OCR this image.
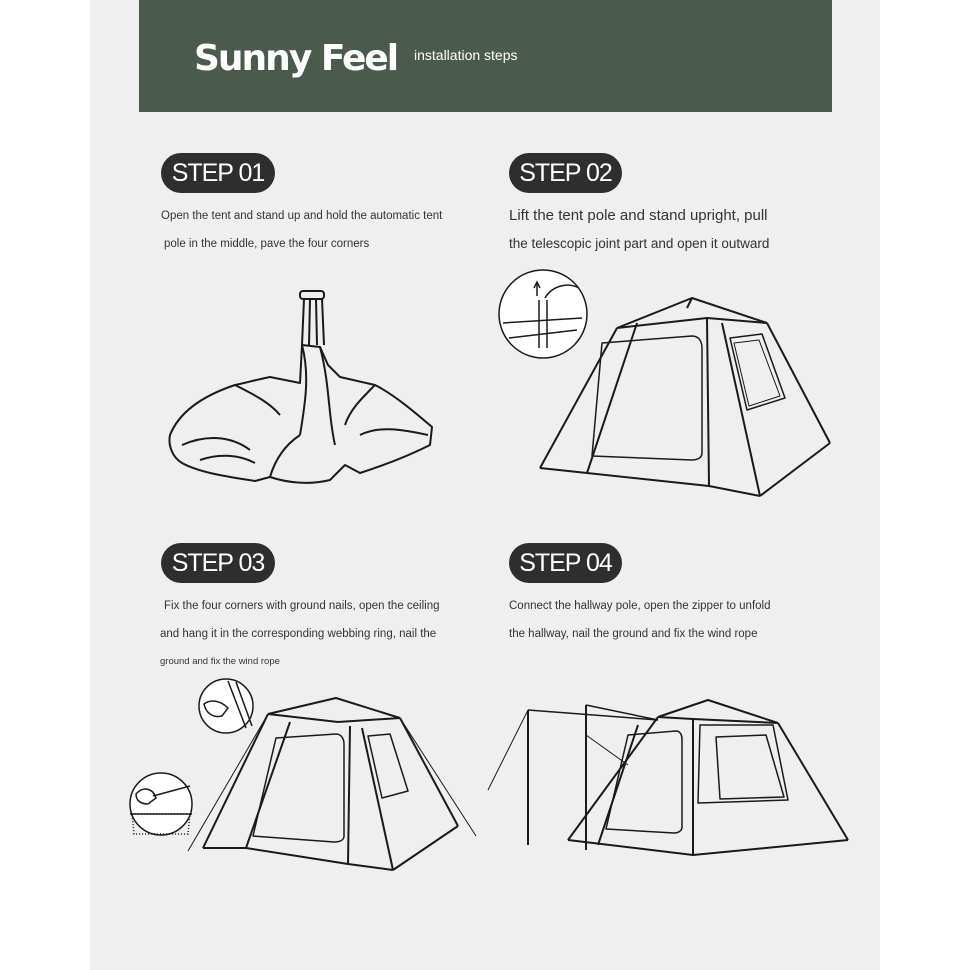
Sunny Feel installation steps
STEP 01
Open the tent and stand up and hold the automatic tent
pole in the middle, pave the four corners
STEP 02
Lift the tent pole and stand upright, pull
the telescopic joint part and open it outward
STEP 03
Fix the four corners with ground nails, open the ceiling
and hang it in the corresponding webbing ring, nail the
ground and fix the wind rope
STEP 04
Connect the hallway pole, open the zipper to unfold
the hallway, nail the ground and fix the wind rope
